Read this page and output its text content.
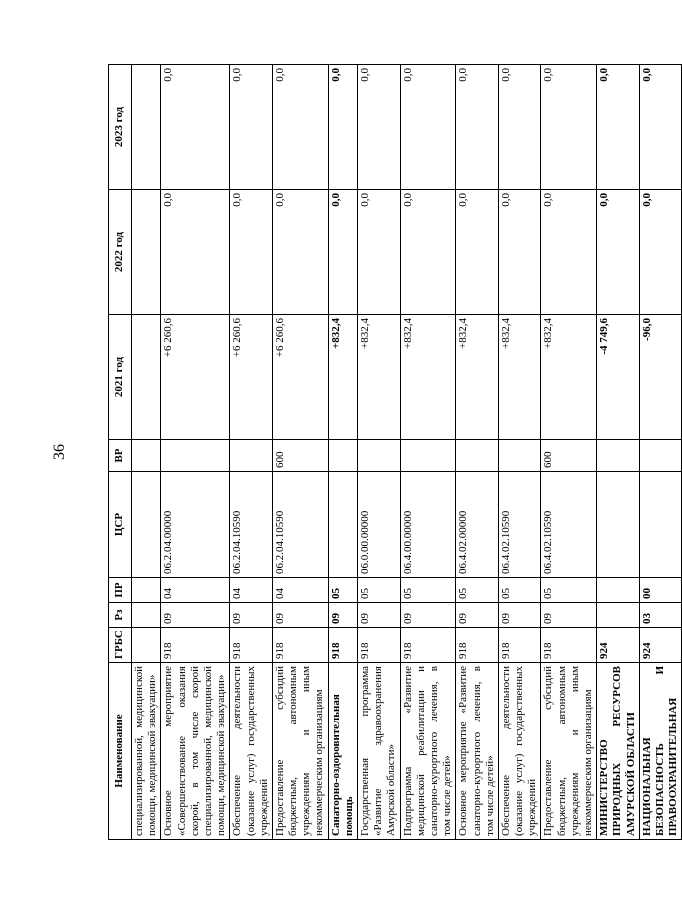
36
Наименование	ГРБС	Рз	ПР	ЦСР	ВР	2021 год	2022 год	2023 год
специализированной, медицинской помощи, медицинской эвакуации»								
Основное мероприятие «Совершенствование оказания скорой, в том числе скорой специализированной, медицинской помощи, медицинской эвакуации»	918	09	04	06.2.04.00000		+6 260,6	0,0	0,0
Обеспечение деятельности (оказание услуг) государственных учреждений	918	09	04	06.2.04.10590		+6 260,6	0,0	0,0
Предоставление субсидий бюджетным, автономным учреждениям и иным некоммерческим организациям	918	09	04	06.2.04.10590	600	+6 260,6	0,0	0,0
Санаторно-оздоровительная помощь	918	09	05			+832,4	0,0	0,0
Государственная программа «Развитие здравоохранения Амурской области»	918	09	05	06.0.00.00000		+832,4	0,0	0,0
Подпрограмма «Развитие медицинской реабилитации и санаторно-курортного лечения, в том числе детей»	918	09	05	06.4.00.00000		+832,4	0,0	0,0
Основное мероприятие «Развитие санаторно-курортного лечения, в том числе детей»	918	09	05	06.4.02.00000		+832,4	0,0	0,0
Обеспечение деятельности (оказание услуг) государственных учреждений	918	09	05	06.4.02.10590		+832,4	0,0	0,0
Предоставление субсидий бюджетным, автономным учреждениям и иным некоммерческим организациям	918	09	05	06.4.02.10590	600	+832,4	0,0	0,0
МИНИСТЕРСТВО ПРИРОДНЫХ РЕСУРСОВ АМУРСКОЙ ОБЛАСТИ	924					-4 749,6	0,0	0,0
НАЦИОНАЛЬНАЯ БЕЗОПАСНОСТЬ И ПРАВООХРАНИТЕЛЬНАЯ	924	03	00			-96,0	0,0	0,0
